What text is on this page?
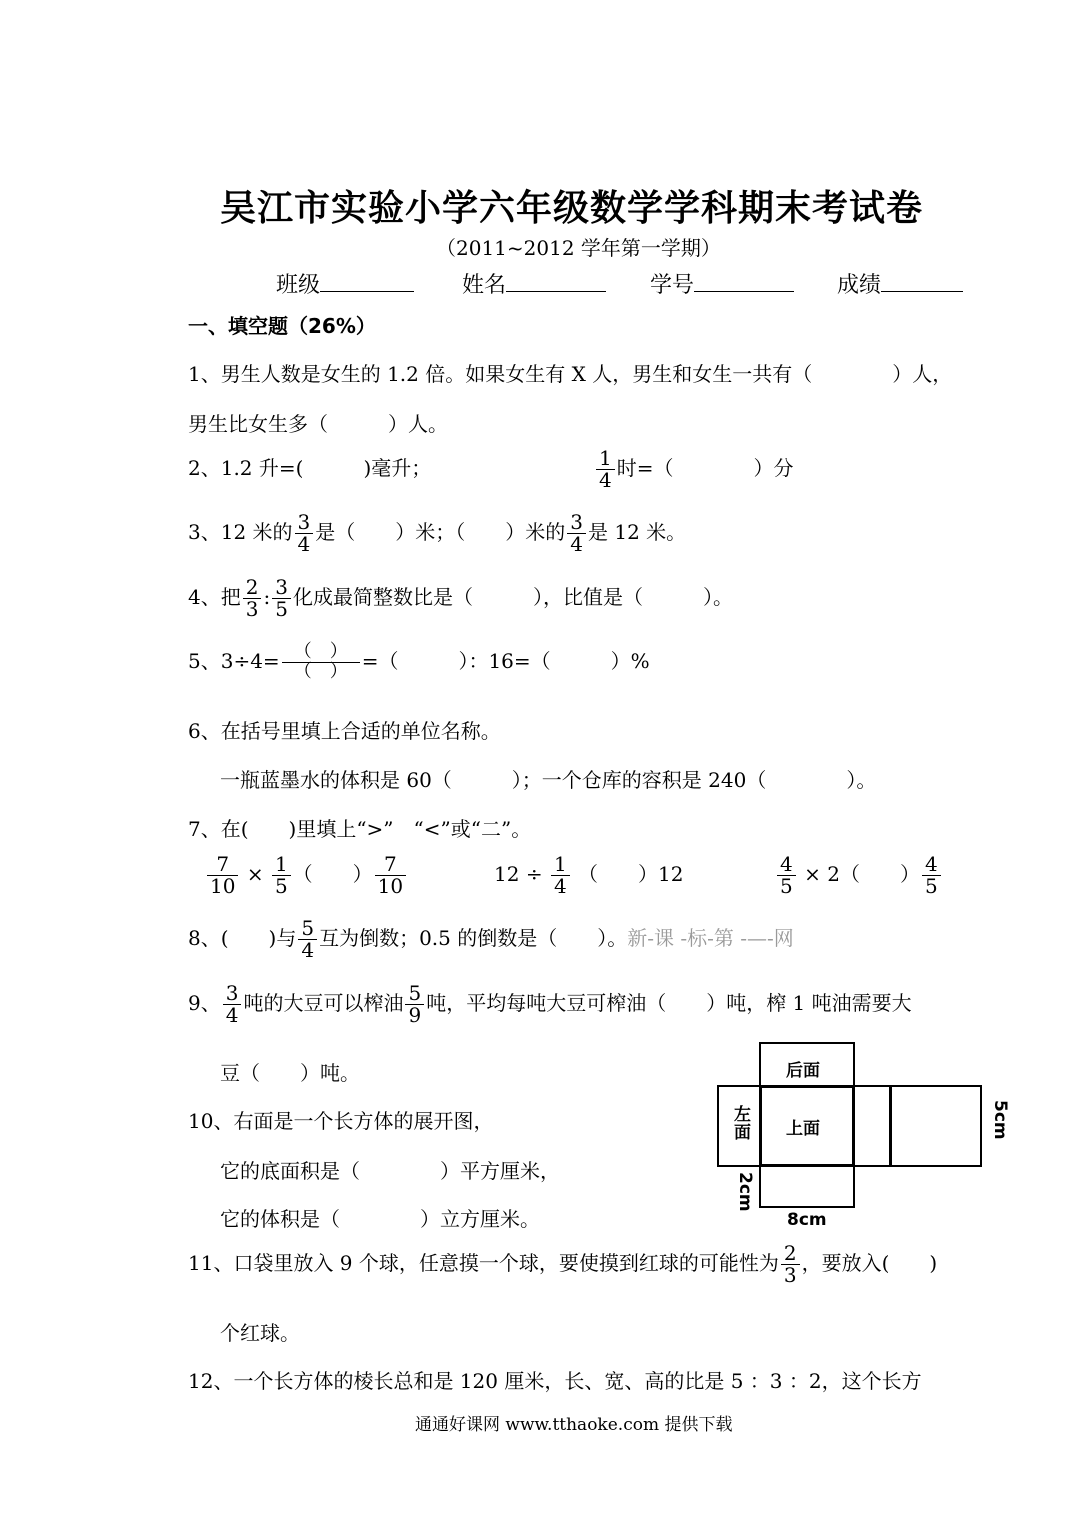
吴江市实验小学六年级数学学科期末考试卷
（2011~2012 学年第一学期）
班级	姓名	学号	成绩
一、填空题（26%）
1、男生人数是女生的 1.2 倍。如果女生有 X 人，男生和女生一共有（　　　　）人，
男生比女生多（　　　）人。
2、1.2 升=(　　　)毫升；	$\frac{1}{4}$ 时=（　　　　）分
3、12 米的 $\frac{3}{4}$ 是（　　）米；（　　）米的 $\frac{3}{4}$ 是 12 米。
4、把 $\frac{2}{3}$ : $\frac{3}{5}$ 化成最简整数比是（　　　），比值是（　　　）。
5、$3\div 4= \frac{( )}{( )}$ =（　　　）：16=（　　　）%
6、在括号里填上合适的单位名称。
一瓶蓝墨水的体积是 60（　　　）；一个仓库的容积是 240（　　　　）。
7、在(　　)里填上“>”　“<”或“二”。
$\frac{7}{10} \times \frac{1}{5}$ （　　） $\frac{7}{10}$	$12 \div \frac{1}{4}$ （　　）12	$\frac{4}{5} \times 2$（　　） $\frac{4}{5}$
8、(　　)与 $\frac{5}{4}$ 互为倒数；0.5 的倒数是（　　）。新-课 -标-第 -—-网
9、 $\frac{3}{4}$ 吨的大豆可以榨油 $\frac{5}{9}$ 吨，平均每吨大豆可榨油（　　）吨，榨 1 吨油需要大
豆（　　）吨。
10、右面是一个长方体的展开图，
它的底面积是（　　　　）平方厘米，
它的体积是（　　　　）立方厘米。
后面
上面
左面	5cm
2cm
8cm
11、口袋里放入 9 个球，任意摸一个球，要使摸到红球的可能性为 $\frac{2}{3}$ ，要放入(　　)
个红球。
12、一个长方体的棱长总和是 120 厘米，长、宽、高的比是 5 ：3 ：2，这个长方
通通好课网 www.tthaoke.com 提供下载
